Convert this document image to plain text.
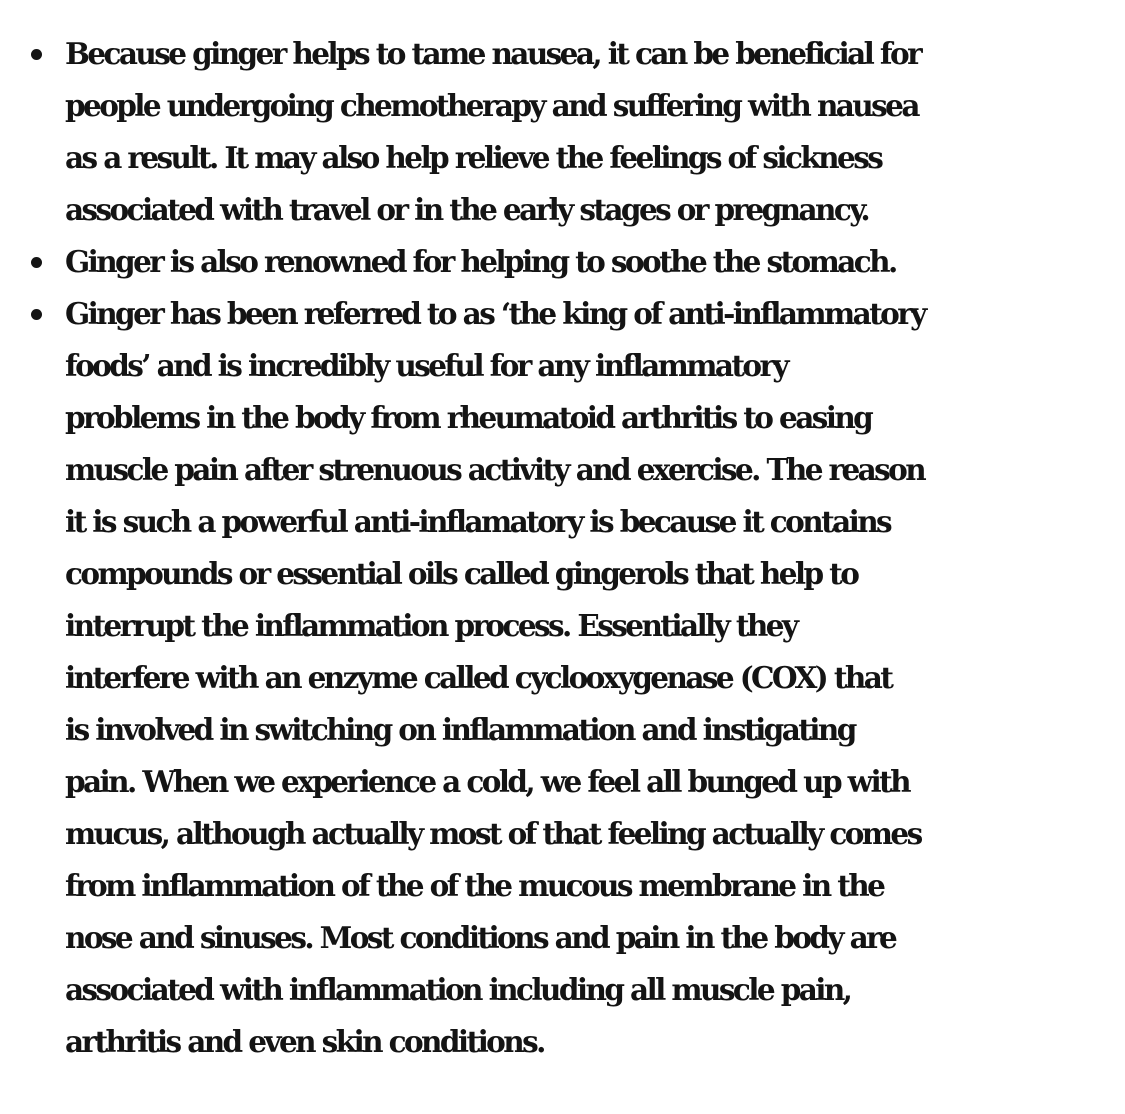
Because ginger helps to tame nausea, it can be beneficial for
people undergoing chemotherapy and suffering with nausea
as a result. It may also help relieve the feelings of sickness
associated with travel or in the early stages or pregnancy.
Ginger is also renowned for helping to soothe the stomach.
Ginger has been referred to as ‘the king of anti-inflammatory
foods’ and is incredibly useful for any inflammatory
problems in the body from rheumatoid arthritis to easing
muscle pain after strenuous activity and exercise. The reason
it is such a powerful anti-inflamatory is because it contains
compounds or essential oils called gingerols that help to
interrupt the inflammation process. Essentially they
interfere with an enzyme called cyclooxygenase (COX) that
is involved in switching on inflammation and instigating
pain. When we experience a cold, we feel all bunged up with
mucus, although actually most of that feeling actually comes
from inflammation of the of the mucous membrane in the
nose and sinuses. Most conditions and pain in the body are
associated with inflammation including all muscle pain,
arthritis and even skin conditions.
